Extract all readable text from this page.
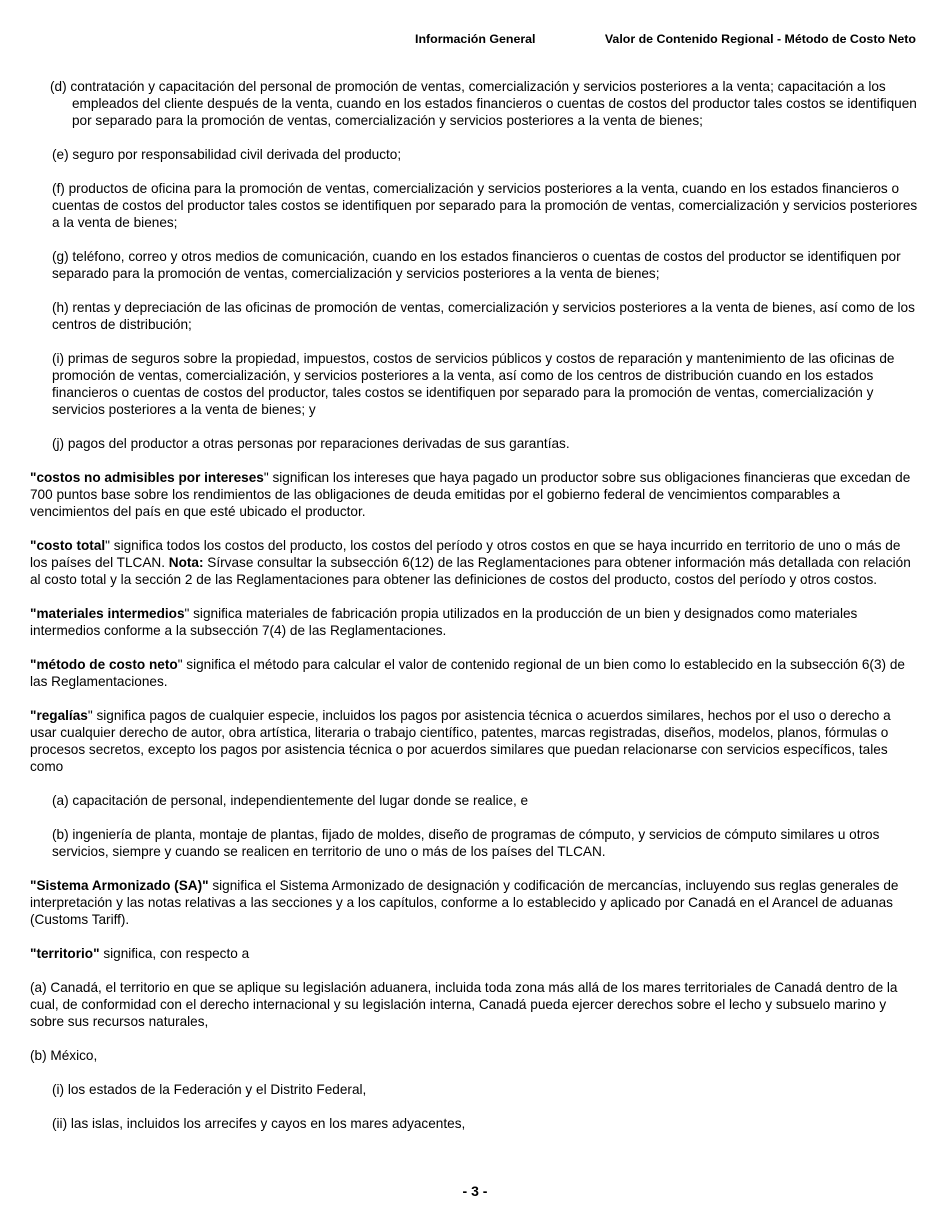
Información General	Valor de Contenido Regional - Método de Costo Neto

(d) contratación y capacitación del personal de promoción de ventas, comercialización y servicios posteriores a la venta; capacitación a los empleados del cliente después de la venta, cuando en los estados financieros o cuentas de costos del productor tales costos se identifiquen por separado para la promoción de ventas, comercialización y servicios posteriores a la venta de bienes;

(e) seguro por responsabilidad civil derivada del producto;

(f) productos de oficina para la promoción de ventas, comercialización y servicios posteriores a la venta, cuando en los estados financieros o cuentas de costos del productor tales costos se identifiquen por separado para la promoción de ventas, comercialización y servicios posteriores a la venta de bienes;

(g) teléfono, correo y otros medios de comunicación, cuando en los estados financieros o cuentas de costos del productor se identifiquen por separado para la promoción de ventas, comercialización y servicios posteriores a la venta de bienes;

(h) rentas y depreciación de las oficinas de promoción de ventas, comercialización y servicios posteriores a la venta de bienes, así como de los centros de distribución;

(i) primas de seguros sobre la propiedad, impuestos, costos de servicios públicos y costos de reparación y mantenimiento de las oficinas de promoción de ventas, comercialización, y servicios posteriores a la venta, así como de los centros de distribución cuando en los estados financieros o cuentas de costos del productor, tales costos se identifiquen por separado para la promoción de ventas, comercialización y servicios posteriores a la venta de bienes; y

(j) pagos del productor a otras personas por reparaciones derivadas de sus garantías.

"costos no admisibles por intereses" significan los intereses que haya pagado un productor sobre sus obligaciones financieras que excedan de 700 puntos base sobre los rendimientos de las obligaciones de deuda emitidas por el gobierno federal de vencimientos comparables a vencimientos del país en que esté ubicado el productor.

"costo total" significa todos los costos del producto, los costos del período y otros costos en que se haya incurrido en territorio de uno o más de los países del TLCAN. Nota: Sírvase consultar la subsección 6(12) de las Reglamentaciones para obtener información más detallada con relación al costo total y la sección 2 de las Reglamentaciones para obtener las definiciones de costos del producto, costos del período y otros costos.

"materiales intermedios" significa materiales de fabricación propia utilizados en la producción de un bien y designados como materiales intermedios conforme a la subsección 7(4) de las Reglamentaciones.

"método de costo neto" significa el método para calcular el valor de contenido regional de un bien como lo establecido en la subsección 6(3) de las Reglamentaciones.

"regalías" significa pagos de cualquier especie, incluidos los pagos por asistencia técnica o acuerdos similares, hechos por el uso o derecho a usar cualquier derecho de autor, obra artística, literaria o trabajo científico, patentes, marcas registradas, diseños, modelos, planos, fórmulas o procesos secretos, excepto los pagos por asistencia técnica o por acuerdos similares que puedan relacionarse con servicios específicos, tales como

(a) capacitación de personal, independientemente del lugar donde se realice, e

(b) ingeniería de planta, montaje de plantas, fijado de moldes, diseño de programas de cómputo, y servicios de cómputo similares u otros servicios, siempre y cuando se realicen en territorio de uno o más de los países del TLCAN.

"Sistema Armonizado (SA)" significa el Sistema Armonizado de designación y codificación de mercancías, incluyendo sus reglas generales de interpretación y las notas relativas a las secciones y a los capítulos, conforme a lo establecido y aplicado por Canadá en el Arancel de aduanas (Customs Tariff).

"territorio" significa, con respecto a

(a) Canadá, el territorio en que se aplique su legislación aduanera, incluida toda zona más allá de los mares territoriales de Canadá dentro de la cual, de conformidad con el derecho internacional y su legislación interna, Canadá pueda ejercer derechos sobre el lecho y subsuelo marino y sobre sus recursos naturales,

(b) México,

(i) los estados de la Federación y el Distrito Federal,

(ii) las islas, incluidos los arrecifes y cayos en los mares adyacentes,

- 3 -
